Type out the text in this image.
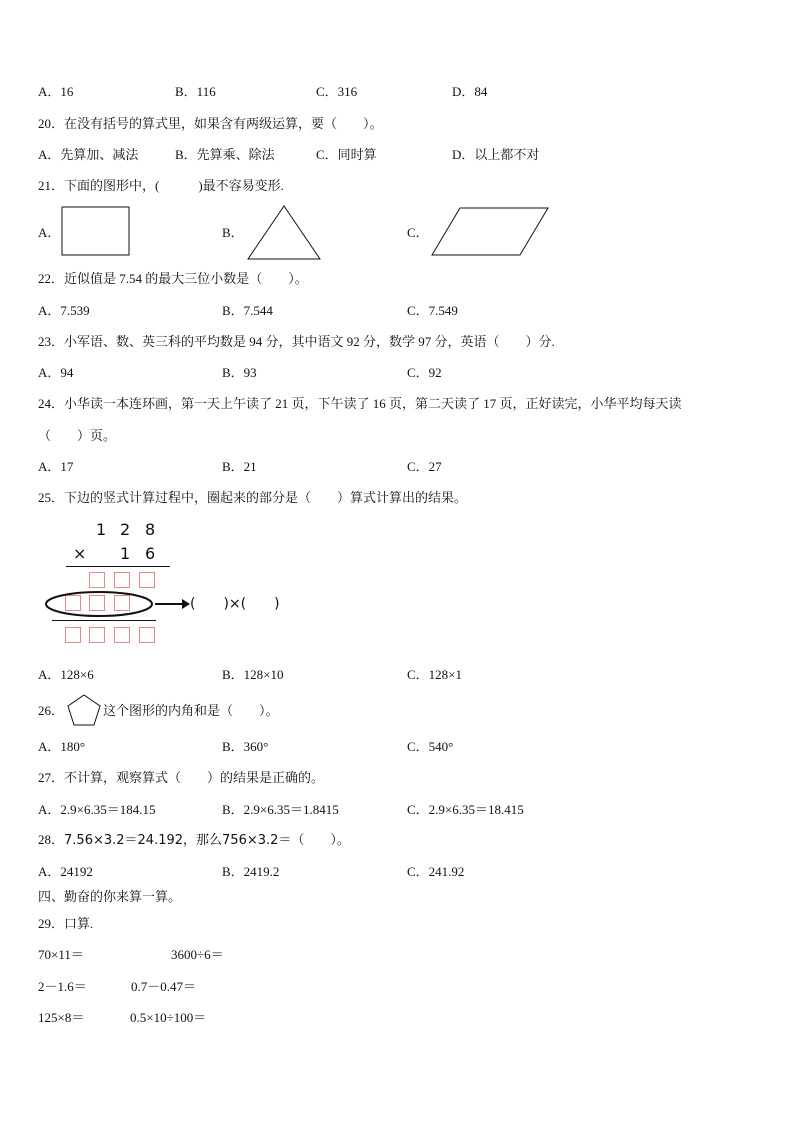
A．16	B．116	C．316	D．84
20．在没有括号的算式里，如果含有两级运算，要（　　）。
A．先算加、减法	B．先算乘、除法	C．同时算	D．以上都不对
21．下面的图形中，(　　　)最不容易变形.
A．	B．	C．
22．近似值是 7.54 的最大三位小数是（　　）。
A．7.539	B．7.544	C．7.549
23．小军语、数、英三科的平均数是 94 分，其中语文 92 分，数学 97 分，英语（　　）分.
A．94	B．93	C．92
24．小华读一本连环画，第一天上午读了 21 页，下午读了 16 页，第二天读了 17 页，正好读完，小华平均每天读
（　　）页。
A．17	B．21	C．27
25．下边的竖式计算过程中，圈起来的部分是（　　）算式计算出的结果。
1 2 8
× 1 6
(　　)×(　　)
A．128×6	B．128×10	C．128×1
26．	这个图形的内角和是（　　）。
A．180°	B．360°	C．540°
27．不计算，观察算式（　　）的结果是正确的。
A．2.9×6.35＝184.15	B．2.9×6.35＝1.8415	C．2.9×6.35＝18.415
28．7.56×3.2＝24.192，那么756×3.2＝（　　）。
A．24192	B．2419.2	C．241.92
四、勤奋的你来算一算。
29．口算.
70×11＝	3600÷6＝
2－1.6＝	0.7－0.47＝
125×8＝	0.5×10÷100＝
